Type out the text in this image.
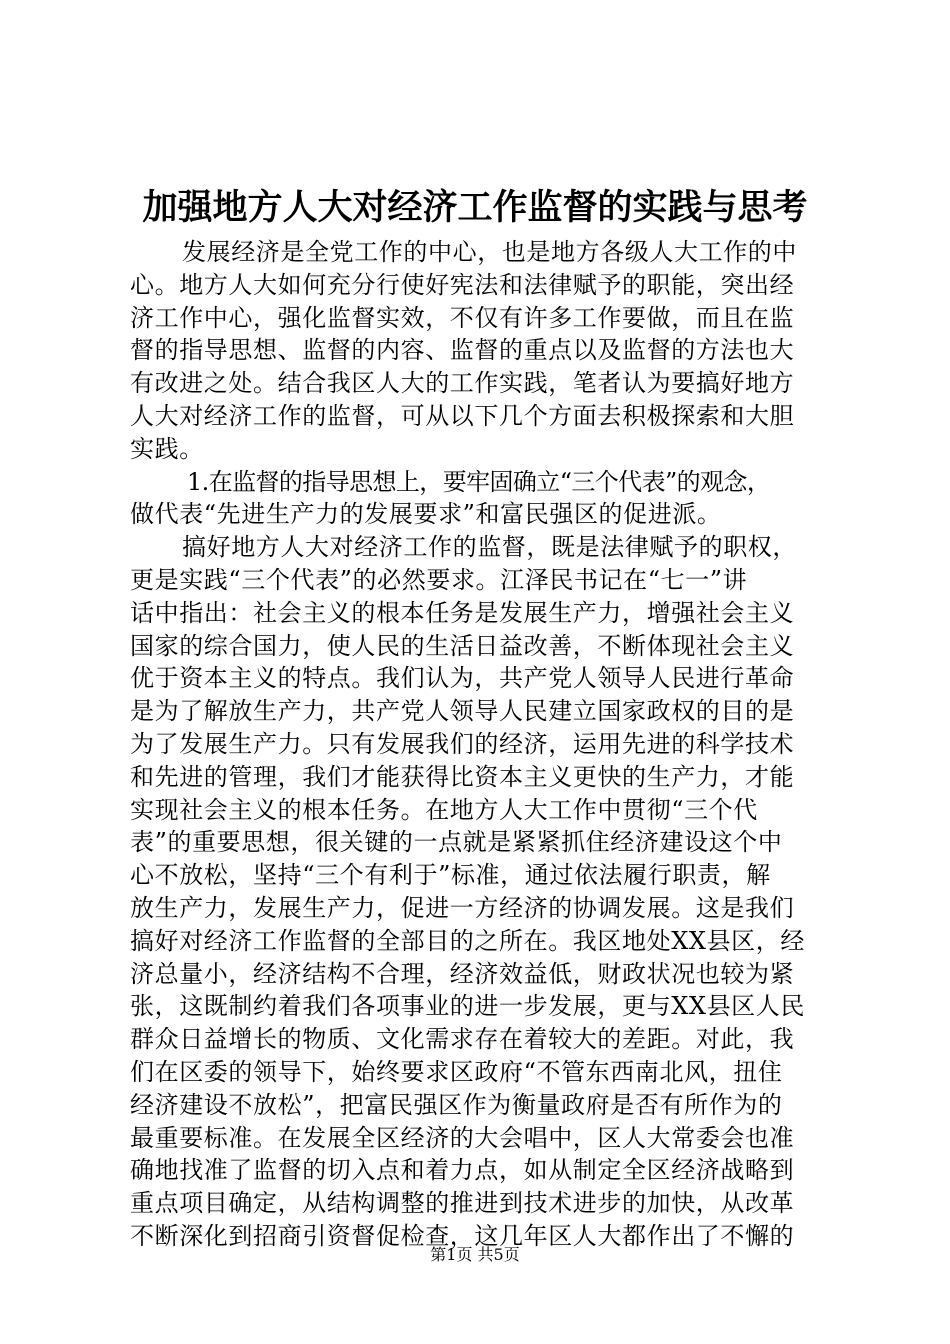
加强地方人大对经济工作监督的实践与思考
发展经济是全党工作的中心，也是地方各级人大工作的中
心。地方人大如何充分行使好宪法和法律赋予的职能，突出经
济工作中心，强化监督实效，不仅有许多工作要做，而且在监
督的指导思想、监督的内容、监督的重点以及监督的方法也大
有改进之处。结合我区人大的工作实践，笔者认为要搞好地方
人大对经济工作的监督，可从以下几个方面去积极探索和大胆
实践。
1.在监督的指导思想上，要牢固确立“三个代表”的观念，
做代表“先进生产力的发展要求”和富民强区的促进派。
搞好地方人大对经济工作的监督，既是法律赋予的职权，
更是实践“三个代表”的必然要求。江泽民书记在“七一”讲
话中指出：社会主义的根本任务是发展生产力，增强社会主义
国家的综合国力，使人民的生活日益改善，不断体现社会主义
优于资本主义的特点。我们认为，共产党人领导人民进行革命
是为了解放生产力，共产党人领导人民建立国家政权的目的是
为了发展生产力。只有发展我们的经济，运用先进的科学技术
和先进的管理，我们才能获得比资本主义更快的生产力，才能
实现社会主义的根本任务。在地方人大工作中贯彻“三个代
表”的重要思想，很关键的一点就是紧紧抓住经济建设这个中
心不放松，坚持“三个有利于”标准，通过依法履行职责，解
放生产力，发展生产力，促进一方经济的协调发展。这是我们
搞好对经济工作监督的全部目的之所在。我区地处XX县区，经
济总量小，经济结构不合理，经济效益低，财政状况也较为紧
张，这既制约着我们各项事业的进一步发展，更与XX县区人民
群众日益增长的物质、文化需求存在着较大的差距。对此，我
们在区委的领导下，始终要求区政府“不管东西南北风，扭住
经济建设不放松”，把富民强区作为衡量政府是否有所作为的
最重要标准。在发展全区经济的大会唱中，区人大常委会也准
确地找准了监督的切入点和着力点，如从制定全区经济战略到
重点项目确定，从结构调整的推进到技术进步的加快，从改革
不断深化到招商引资督促检查，这几年区人大都作出了不懈的
第1页 共5页
